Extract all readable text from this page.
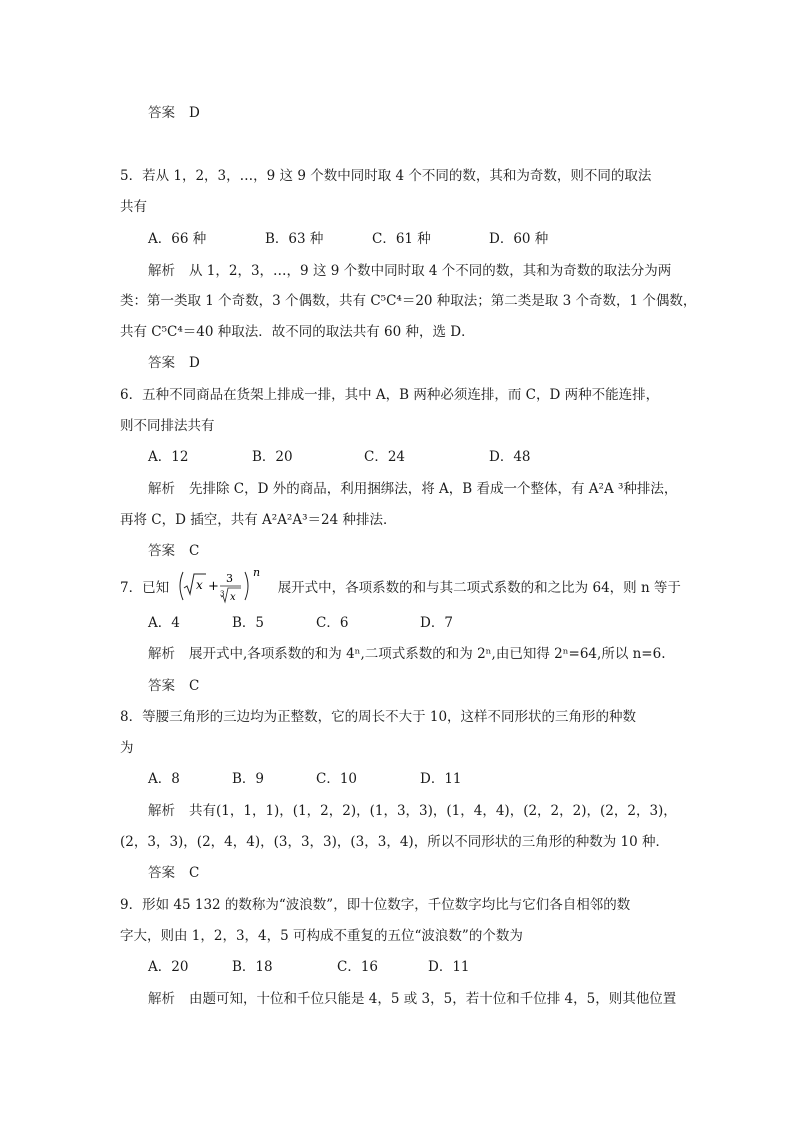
答案 D
5．若从 1，2，3，…，9 这 9 个数中同时取 4 个不同的数，其和为奇数，则不同的取法
共有
A．66 种	B．63 种	C．61 种	D．60 种
解析 从 1，2，3，…，9 这 9 个数中同时取 4 个不同的数，其和为奇数的取法分为两
类：第一类取 1 个奇数，3 个偶数，共有 C⁵C⁴＝20 种取法；第二类是取 3 个奇数，1 个偶数，
共有 C⁵C⁴＝40 种取法．故不同的取法共有 60 种，选 D．
答案 D
6．五种不同商品在货架上排成一排，其中 A，B 两种必须连排，而 C，D 两种不能连排，
则不同排法共有
A．12	B．20	C．24	D．48
解析 先排除 C，D 外的商品，利用捆绑法，将 A，B 看成一个整体，有 A²A ³种排法，
再将 C，D 插空，共有 A²A²A³＝24 种排法．
答案 C
A．4	B．5	C．6	D．7
解析 展开式中,各项系数的和为 4ⁿ,二项式系数的和为 2ⁿ,由已知得 2ⁿ=64,所以 n=6.
答案 C
8．等腰三角形的三边均为正整数，它的周长不大于 10，这样不同形状的三角形的种数
为
A．8	B．9	C．10	D．11
解析 共有(1，1，1)，(1，2，2)，(1，3，3)，(1，4，4)，(2，2，2)，(2，2，3)，
(2，3，3)，(2，4，4)，(3，3，3)，(3，3，4)，所以不同形状的三角形的种数为 10 种．
答案 C
9．形如 45 132 的数称为“波浪数”，即十位数字，千位数字均比与它们各自相邻的数
字大，则由 1，2，3，4，5 可构成不重复的五位“波浪数”的个数为
A．20	B．18	C．16	D．11
解析 由题可知，十位和千位只能是 4，5 或 3，5，若十位和千位排 4，5，则其他位置
7．已知 x +
3
3 x
n
展开式中，各项系数的和与其二项式系数的和之比为 64，则 n 等于
